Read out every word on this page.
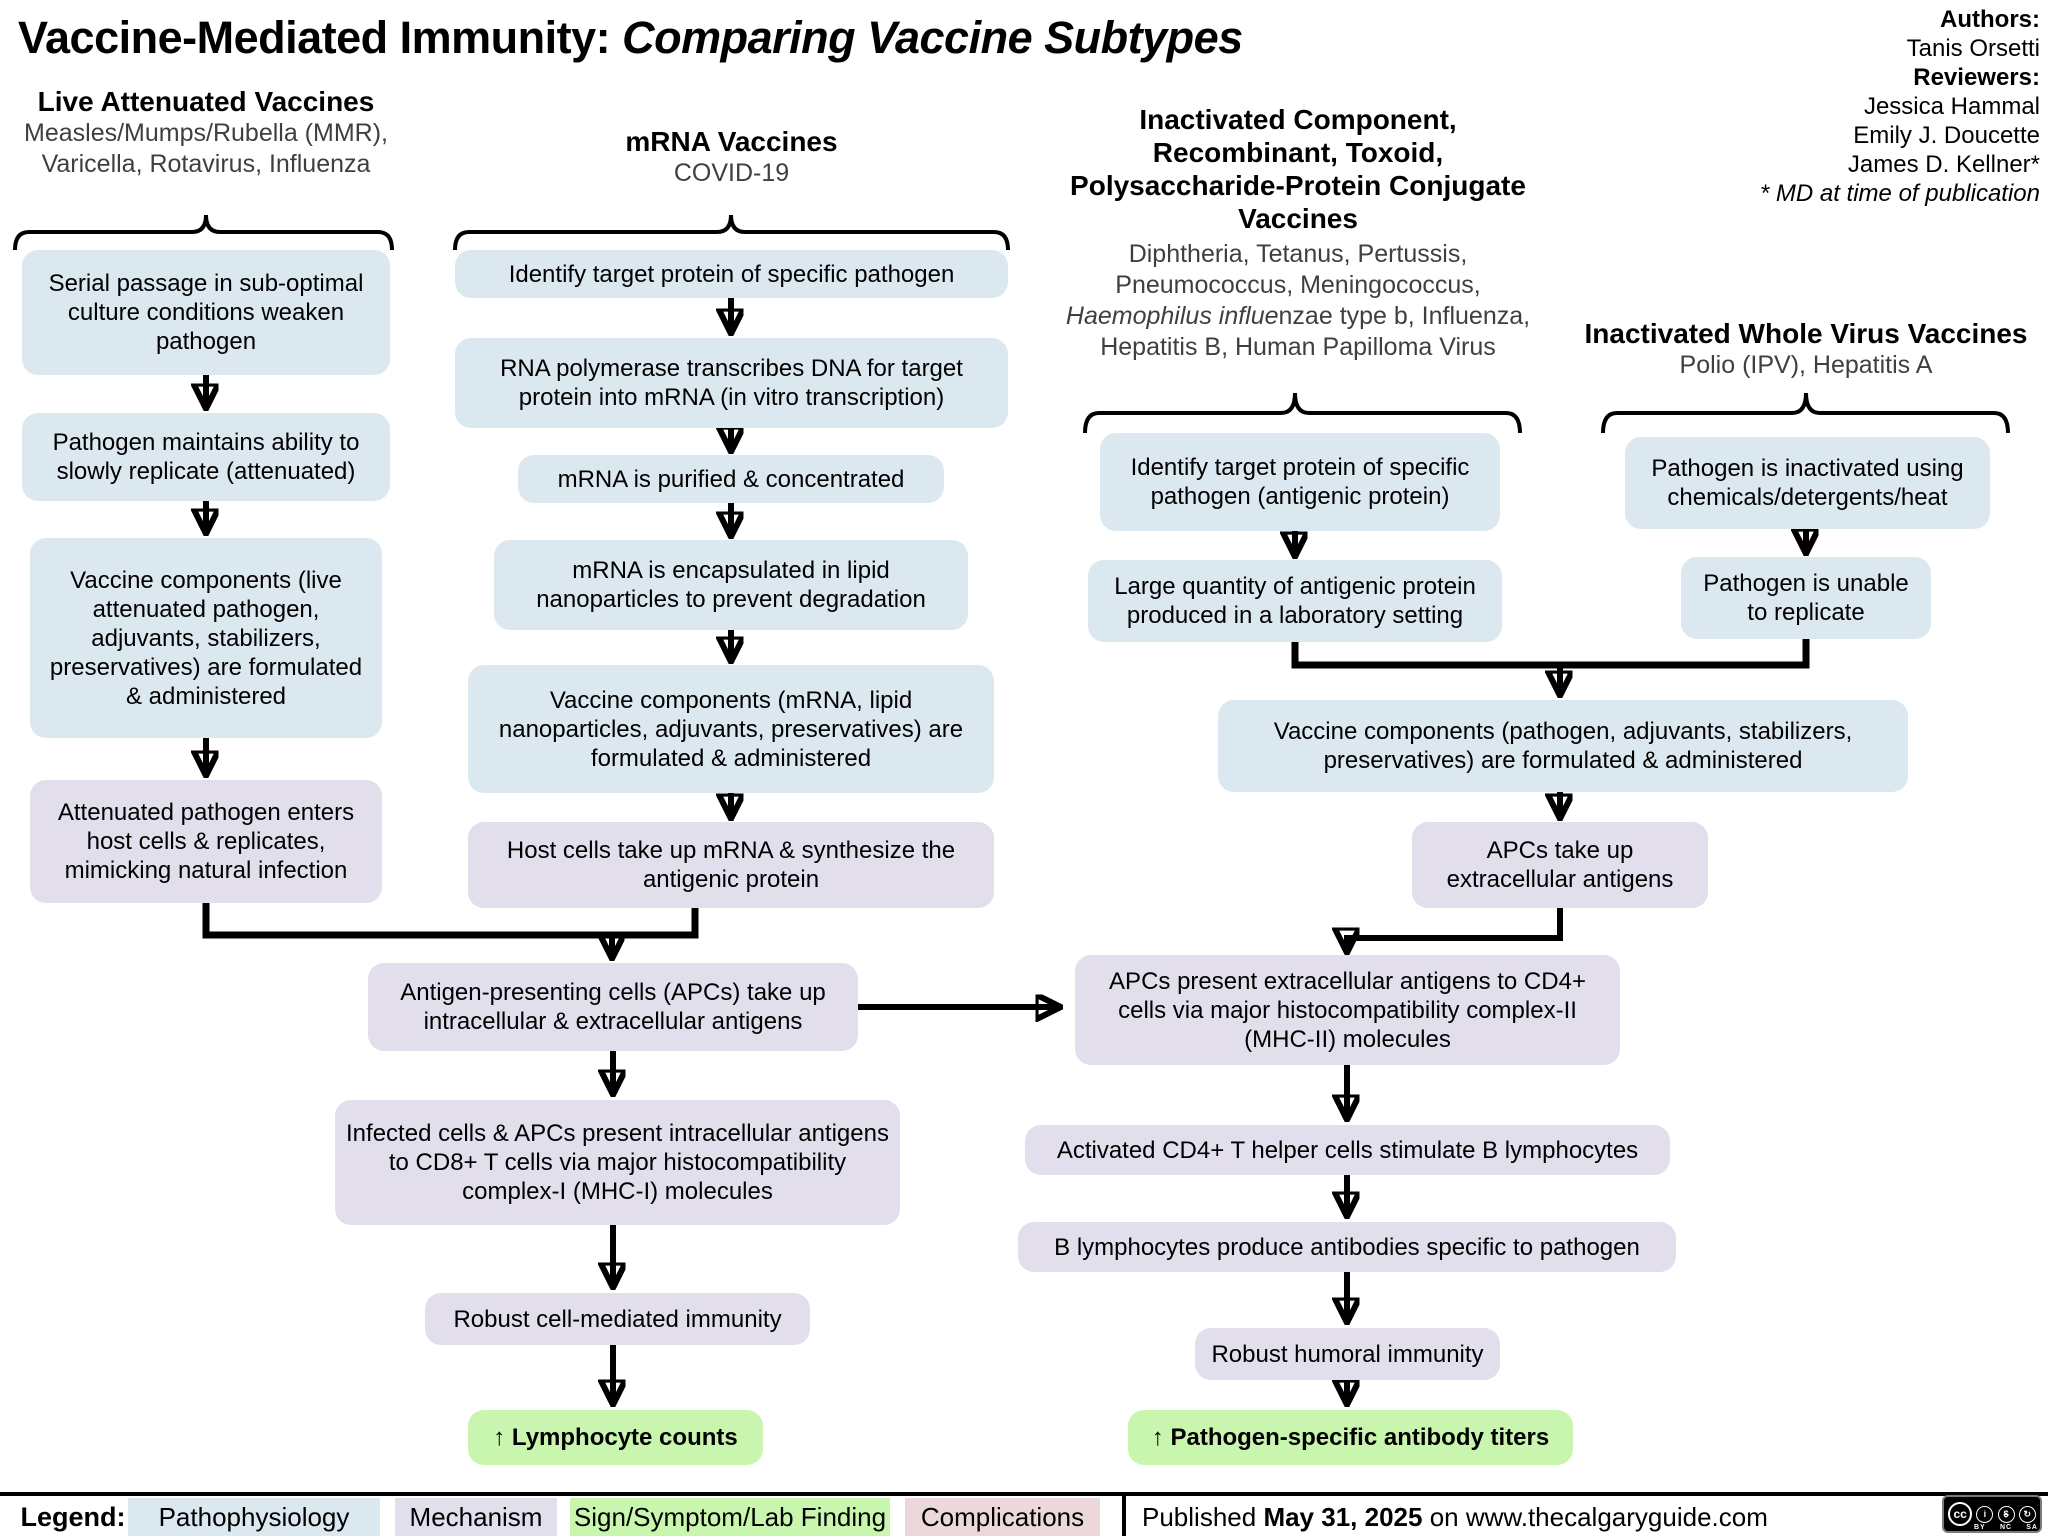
Vaccine-Mediated Immunity: Comparing Vaccine Subtypes	Authors:
Tanis Orsetti
Reviewers:
Jessica Hammal
Emily J. Doucette
James D. Kellner*
* MD at time of publication
Live Attenuated Vaccines
Measles/Mumps/Rubella (MMR),
Varicella, Rotavirus, Influenza
mRNA Vaccines
COVID-19
Inactivated Component,
Recombinant, Toxoid,
Polysaccharide-Protein Conjugate
Vaccines
Diphtheria, Tetanus, Pertussis,
Pneumococcus, Meningococcus,
Haemophilus influenzae type b, Influenza,
Hepatitis B, Human Papilloma Virus	Inactivated Whole Virus Vaccines
Polio (IPV), Hepatitis A
Serial passage in sub-optimal culture conditions weaken pathogen
Pathogen maintains ability to slowly replicate (attenuated)
Vaccine components (live attenuated pathogen, adjuvants, stabilizers, preservatives) are formulated & administered
Attenuated pathogen enters host cells & replicates, mimicking natural infection
Identify target protein of specific pathogen
RNA polymerase transcribes DNA for target protein into mRNA (in vitro transcription)
mRNA is purified & concentrated
mRNA is encapsulated in lipid nanoparticles to prevent degradation
Vaccine components (mRNA, lipid nanoparticles, adjuvants, preservatives) are formulated & administered
Host cells take up mRNA & synthesize the antigenic protein
Identify target protein of specific pathogen (antigenic protein)
Large quantity of antigenic protein produced in a laboratory setting
Pathogen is inactivated using chemicals/detergents/heat
Pathogen is unable to replicate
Vaccine components (pathogen, adjuvants, stabilizers, preservatives) are formulated & administered
APCs take up extracellular antigens
Antigen-presenting cells (APCs) take up intracellular & extracellular antigens
APCs present extracellular antigens to CD4+ cells via major histocompatibility complex-II (MHC-II) molecules
Infected cells & APCs present intracellular antigens to CD8+ T cells via major histocompatibility complex-I (MHC-I) molecules
Activated CD4+ T helper cells stimulate B lymphocytes
B lymphocytes produce antibodies specific to pathogen
Robust cell-mediated immunity
Robust humoral immunity
↑ Lymphocyte counts	↑ Pathogen-specific antibody titers
Legend:	Pathophysiology	Mechanism	Sign/Symptom/Lab Finding	Complications	Published
May 31, 2025
on www.thecalgaryguide.com	cc	i	$	↻
BY NC SA
